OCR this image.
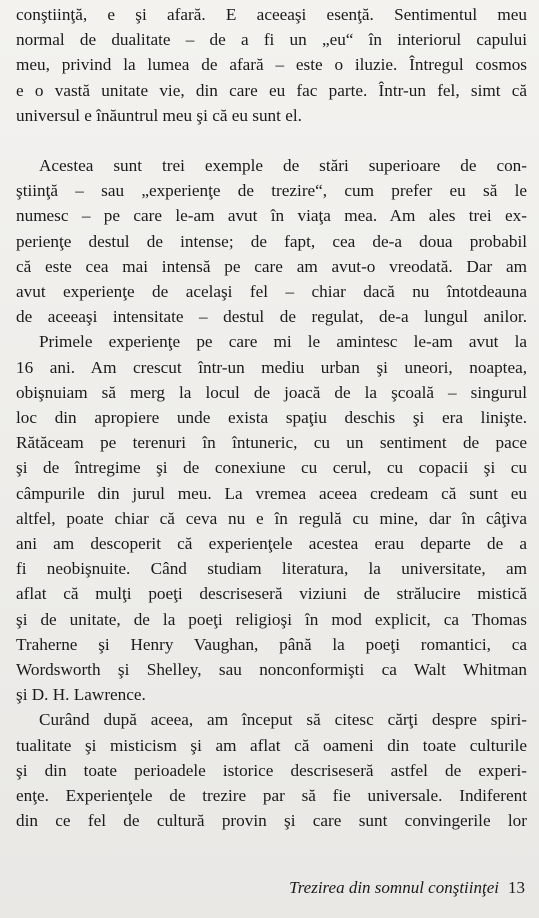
conştiinţă, e şi afară. E aceeaşi esenţă. Sentimentul meu
normal de dualitate – de a fi un „eu“ în interiorul capului
meu, privind la lumea de afară – este o iluzie. Întregul cosmos
e o vastă unitate vie, din care eu fac parte. Într-un fel, simt că
universul e înăuntrul meu şi că eu sunt el.

Acestea sunt trei exemple de stări superioare de con-
ştiinţă – sau „experienţe de trezire“, cum prefer eu să le
numesc – pe care le-am avut în viaţa mea. Am ales trei ex-
perienţe destul de intense; de fapt, cea de-a doua probabil
că este cea mai intensă pe care am avut-o vreodată. Dar am
avut experienţe de acelaşi fel – chiar dacă nu întotdeauna
de aceeaşi intensitate – destul de regulat, de-a lungul anilor.

Primele experienţe pe care mi le amintesc le-am avut la
16 ani. Am crescut într-un mediu urban şi uneori, noaptea,
obişnuiam să merg la locul de joacă de la şcoală – singurul
loc din apropiere unde exista spaţiu deschis şi era linişte.
Rătăceam pe terenuri în întuneric, cu un sentiment de pace
şi de întregime şi de conexiune cu cerul, cu copacii şi cu
câmpurile din jurul meu. La vremea aceea credeam că sunt eu
altfel, poate chiar că ceva nu e în regulă cu mine, dar în câţiva
ani am descoperit că experienţele acestea erau departe de a
fi neobişnuite. Când studiam literatura, la universitate, am
aflat că mulţi poeţi descriseseră viziuni de strălucire mistică
şi de unitate, de la poeţi religioşi în mod explicit, ca Thomas
Traherne şi Henry Vaughan, până la poeţi romantici, ca
Wordsworth şi Shelley, sau nonconformişti ca Walt Whitman
şi D. H. Lawrence.

Curând după aceea, am început să citesc cărţi despre spiri-
tualitate şi misticism şi am aflat că oameni din toate culturile
şi din toate perioadele istorice descriseseră astfel de experi-
enţe. Experienţele de trezire par să fie universale. Indiferent
din ce fel de cultură provin şi care sunt convingerile lor

Trezirea din somnul conştiinţei 13
